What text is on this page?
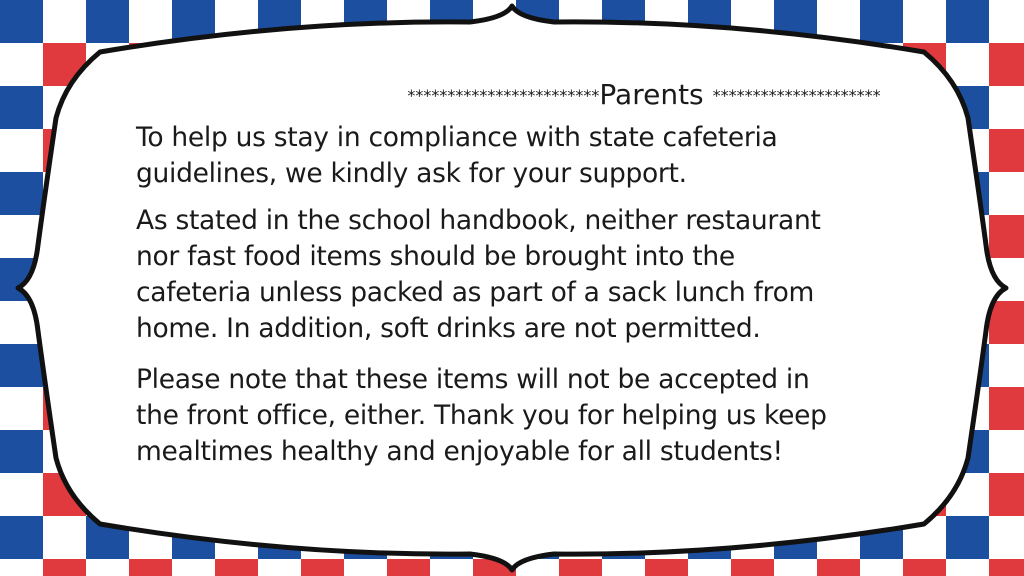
************************Parents *********************
To help us stay in compliance with state cafeteria
guidelines, we kindly ask for your support.
As stated in the school handbook, neither restaurant
nor fast food items should be brought into the
cafeteria unless packed as part of a sack lunch from
home. In addition, soft drinks are not permitted.
Please note that these items will not be accepted in
the front office, either. Thank you for helping us keep
mealtimes healthy and enjoyable for all students!
